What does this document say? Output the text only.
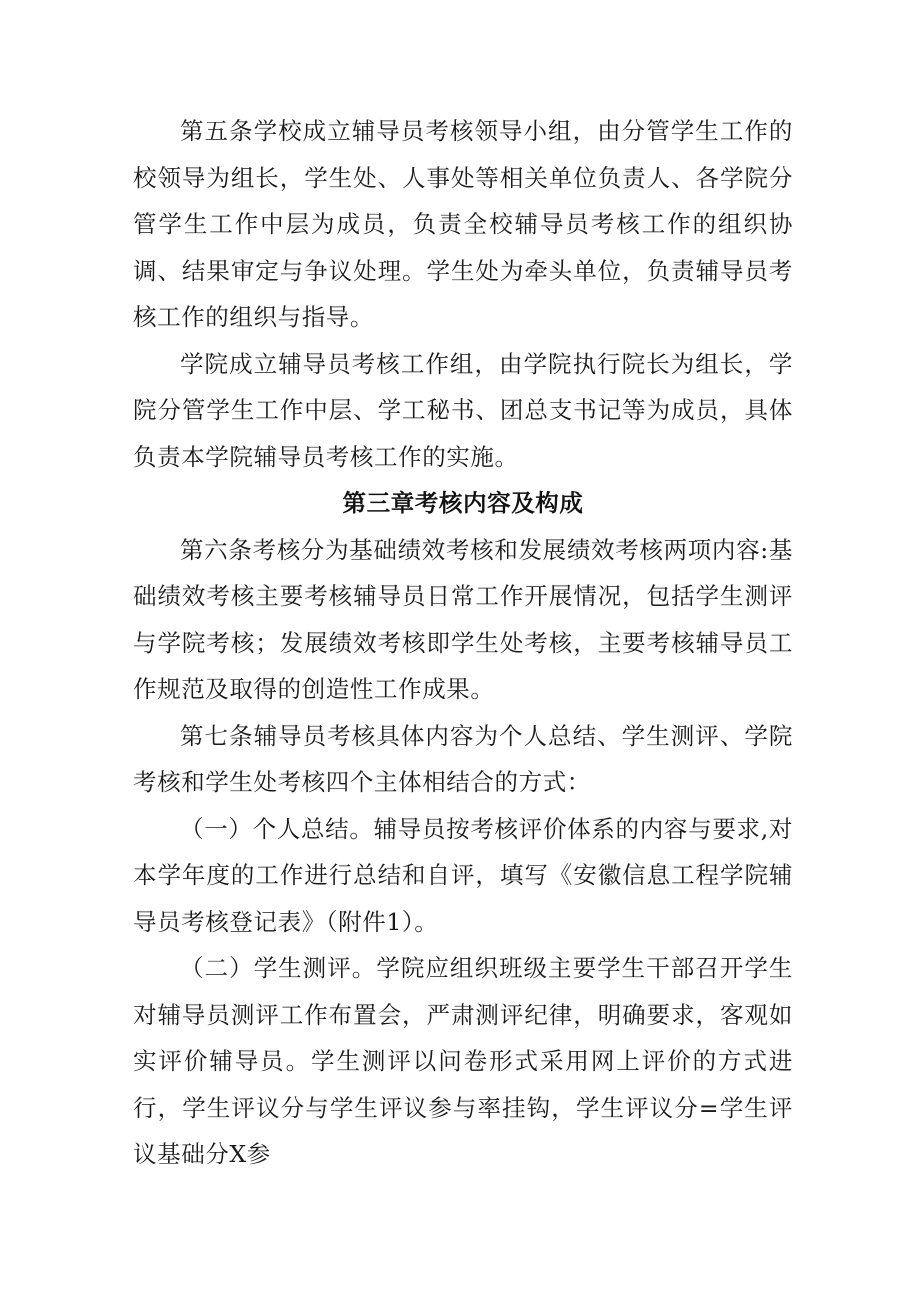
第五条学校成立辅导员考核领导小组，由分管学生工作的校领导为组长，学生处、人事处等相关单位负责人、各学院分管学生工作中层为成员，负责全校辅导员考核工作的组织协调、结果审定与争议处理。学生处为牵头单位，负责辅导员考核工作的组织与指导。

学院成立辅导员考核工作组，由学院执行院长为组长，学院分管学生工作中层、学工秘书、团总支书记等为成员，具体负责本学院辅导员考核工作的实施。

第三章考核内容及构成

第六条考核分为基础绩效考核和发展绩效考核两项内容:基础绩效考核主要考核辅导员日常工作开展情况，包括学生测评与学院考核；发展绩效考核即学生处考核，主要考核辅导员工作规范及取得的创造性工作成果。

第七条辅导员考核具体内容为个人总结、学生测评、学院考核和学生处考核四个主体相结合的方式：

（一）个人总结。辅导员按考核评价体系的内容与要求,对本学年度的工作进行总结和自评，填写《安徽信息工程学院辅导员考核登记表》（附件1）。

（二）学生测评。学院应组织班级主要学生干部召开学生对辅导员测评工作布置会，严肃测评纪律，明确要求，客观如实评价辅导员。学生测评以问卷形式采用网上评价的方式进行，学生评议分与学生评议参与率挂钩，学生评议分=学生评议基础分X参
